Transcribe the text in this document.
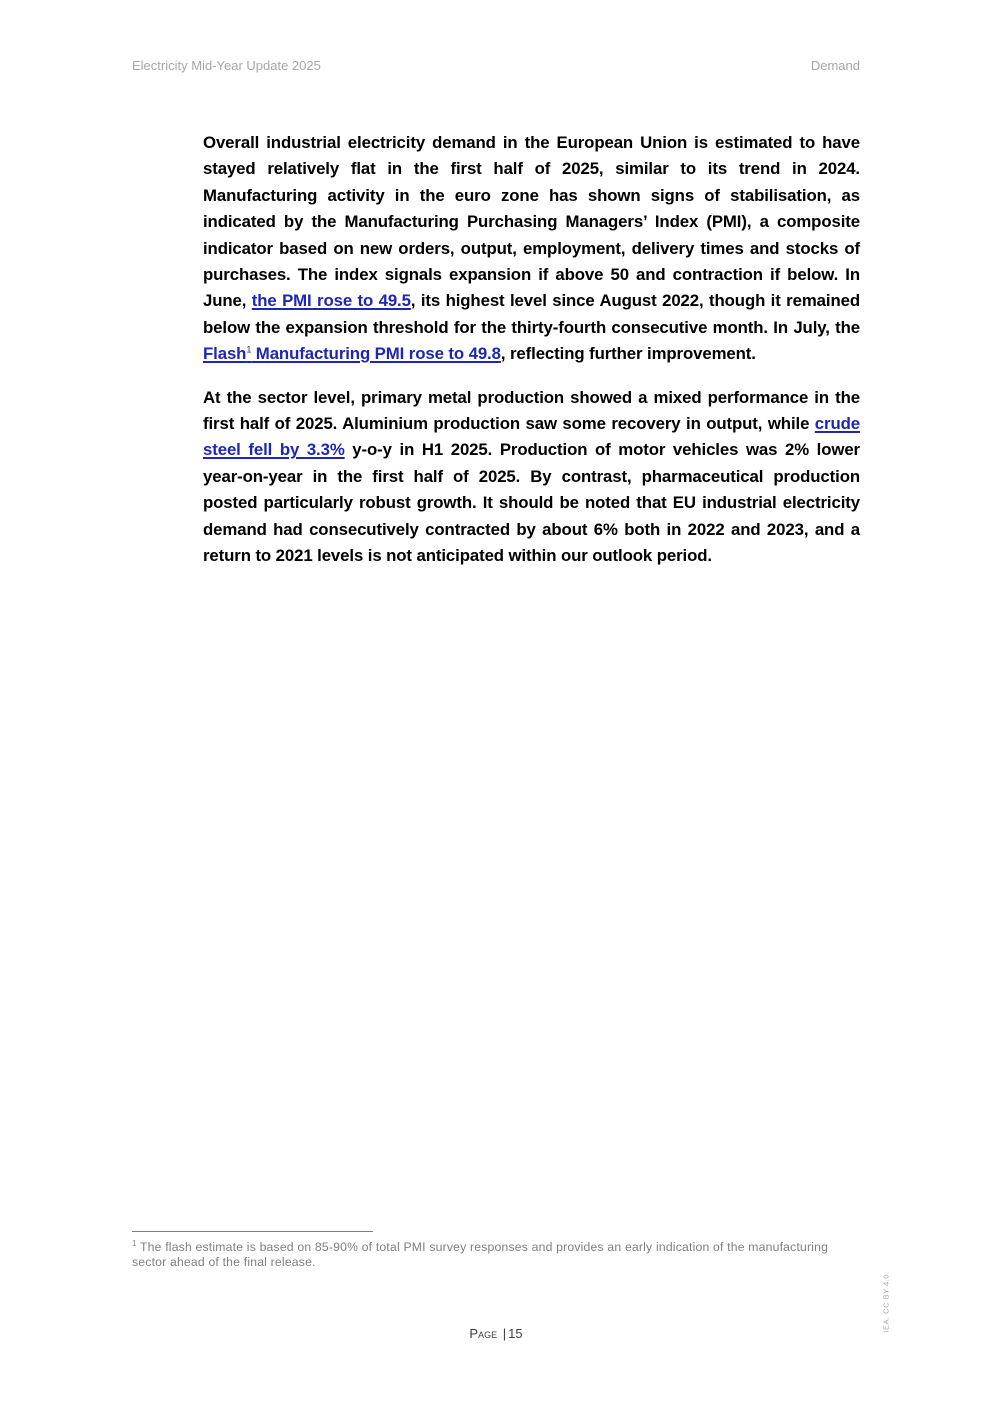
Electricity Mid-Year Update 2025	Demand

Overall industrial electricity demand in the European Union is estimated to have stayed relatively flat in the first half of 2025, similar to its trend in 2024. Manufacturing activity in the euro zone has shown signs of stabilisation, as indicated by the Manufacturing Purchasing Managers’ Index (PMI), a composite indicator based on new orders, output, employment, delivery times and stocks of purchases. The index signals expansion if above 50 and contraction if below. In June, the PMI rose to 49.5, its highest level since August 2022, though it remained below the expansion threshold for the thirty-fourth consecutive month. In July, the Flash$^1$ Manufacturing PMI rose to 49.8, reflecting further improvement.

At the sector level, primary metal production showed a mixed performance in the first half of 2025. Aluminium production saw some recovery in output, while crude steel fell by 3.3% y-o-y in H1 2025. Production of motor vehicles was 2% lower year-on-year in the first half of 2025. By contrast, pharmaceutical production posted particularly robust growth. It should be noted that EU industrial electricity demand had consecutively contracted by about 6% both in 2022 and 2023, and a return to 2021 levels is not anticipated within our outlook period.

$^1$ The flash estimate is based on 85-90% of total PMI survey responses and provides an early indication of the manufacturing sector ahead of the final release.
Page | 15
IEA. CC BY 4.0.
